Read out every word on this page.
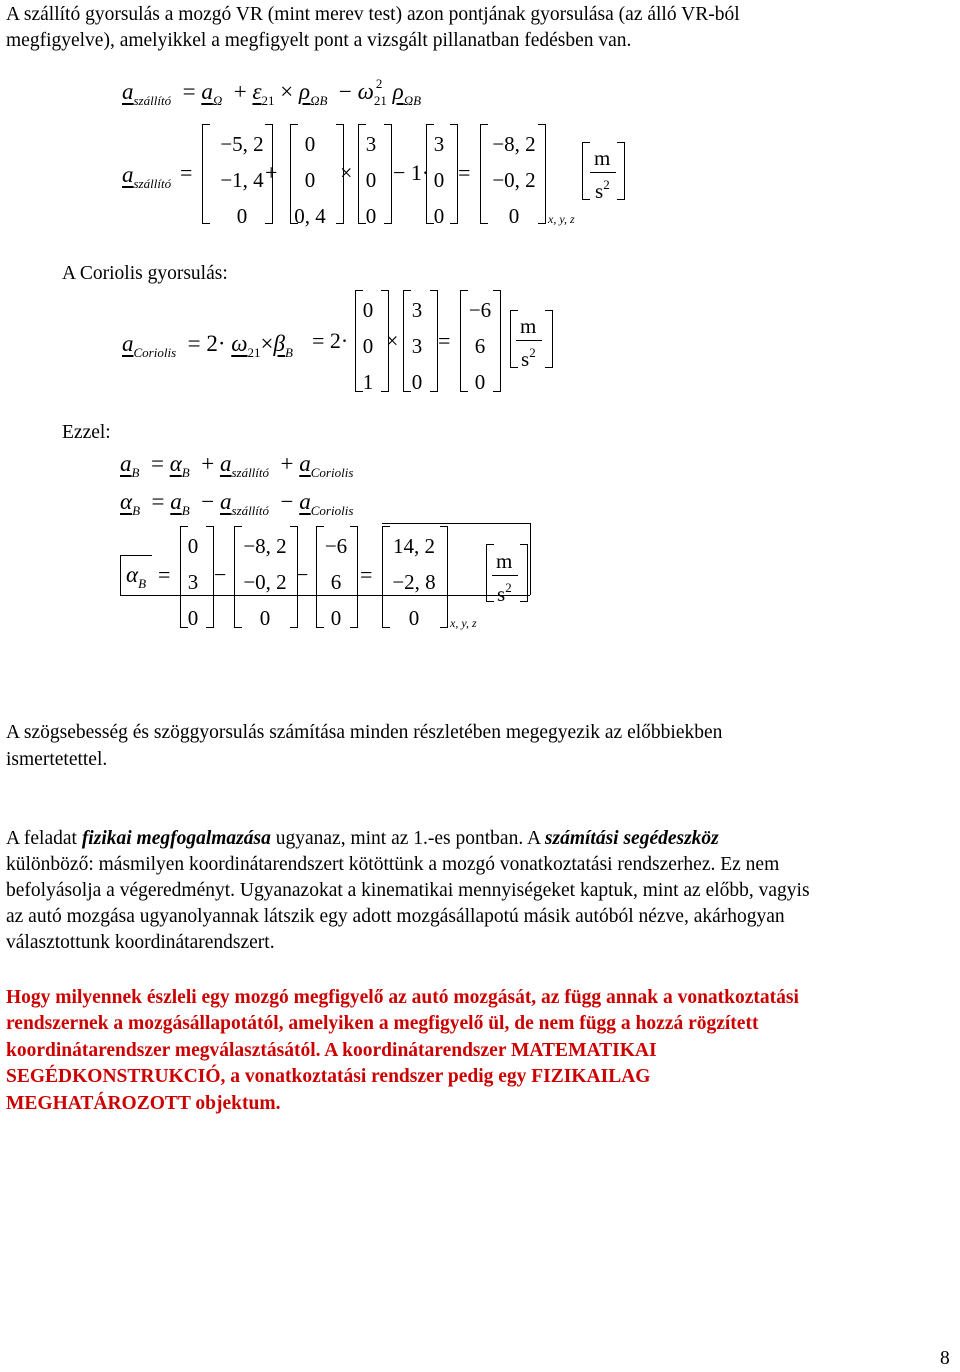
A szállító gyorsulás a mozgó VR (mint merev test) azon pontjának gyorsulása (az álló VR-ból
megfigyelve), amelyikkel a megfigyelt pont a vizsgált pillanatban fedésben van.
$a_{szállító} = a_\Omega + \varepsilon_{21} \times \rho_{\Omega B} - \omega_{21 2}$ $\rho_{\Omega B}$
$a_{szállító}$ =
−5, 2
−1, 4
0
+
0
0
0, 4
×
3
0
0
− 1·
3
0
0
=
−8, 2
−0, 2
0	x, y, z
m
$s^2$
A Coriolis gyorsulás:
$a_{Coriolis} = 2\cdot \omega_{21}\times\beta_B = 2\cdot$
0
0
1
×
3
3
0
=
−6
6
0
m
$s^2$
Ezzel:
$a_B = \alpha_B + a_{szállító} + a_{Coriolis}$
$\alpha_B = a_B - a_{szállító} - a_{Coriolis}$
$\alpha_B$ =
0
3
0
−
−8, 2
−0, 2
0
−
−6
6
0
=
14, 2
−2, 8
0	x, y, z
m
$s^2$
A szögsebesség és szöggyorsulás számítása minden részletében megegyezik az előbbiekben
ismertetettel.
A feladat fizikai megfogalmazása ugyanaz, mint az 1.-es pontban. A számítási segédeszköz
különböző: másmilyen koordinátarendszert kötöttünk a mozgó vonatkoztatási rendszerhez. Ez nem
befolyásolja a végeredményt. Ugyanazokat a kinematikai mennyiségeket kaptuk, mint az előbb, vagyis
az autó mozgása ugyanolyannak látszik egy adott mozgásállapotú másik autóból nézve, akárhogyan
választottunk koordinátarendszert.
Hogy milyennek észleli egy mozgó megfigyelő az autó mozgását, az függ annak a vonatkoztatási
rendszernek a mozgásállapotától, amelyiken a megfigyelő ül, de nem függ a hozzá rögzített
koordinátarendszer megválasztásától. A koordinátarendszer MATEMATIKAI
SEGÉDKONSTRUKCIÓ, a vonatkoztatási rendszer pedig egy FIZIKAILAG
MEGHATÁROZOTT objektum.
8
